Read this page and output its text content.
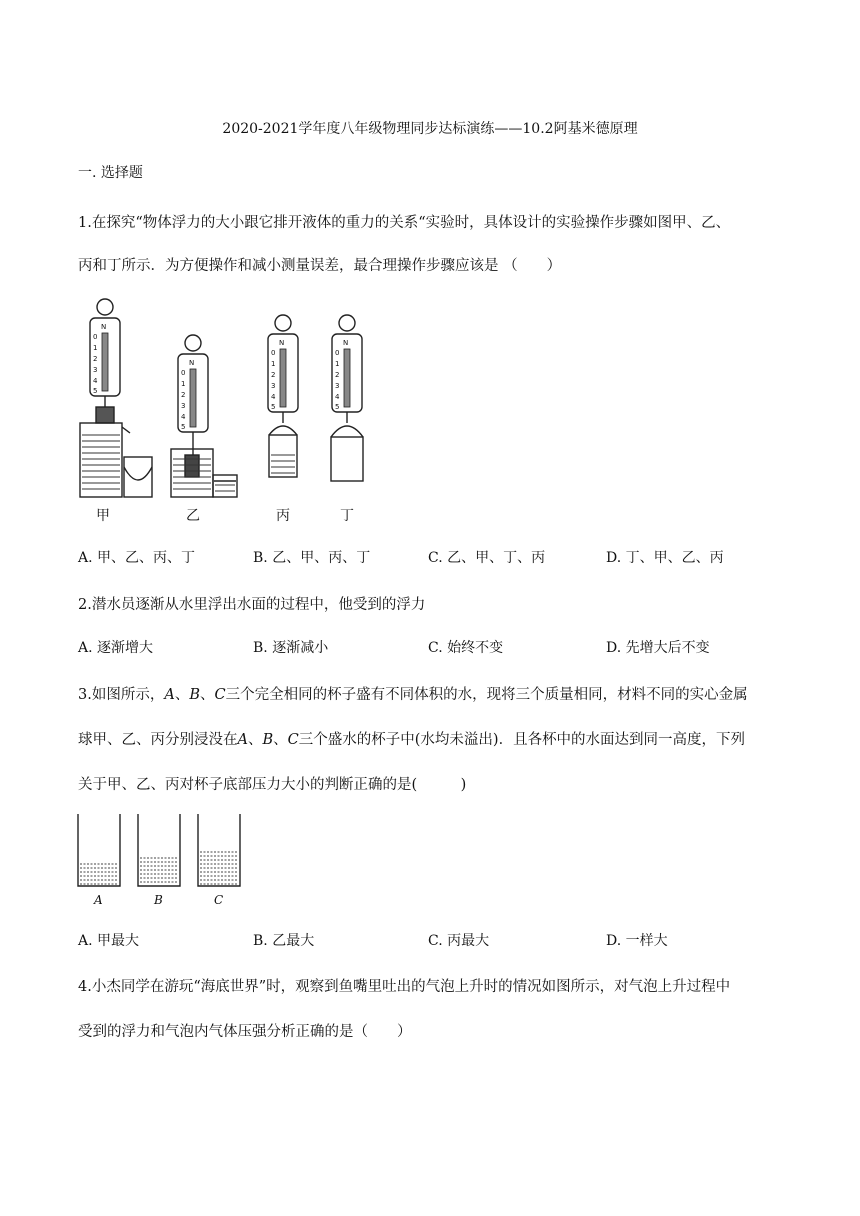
2020-2021学年度八年级物理同步达标演练——10.2阿基米德原理
一. 选择题
1.在探究“物体浮力的大小跟它排开液体的重力的关系“实验时，具体设计的实验操作步骤如图甲、乙、
丙和丁所示．为方便操作和减小测量误差，最合理操作步骤应该是 （　　）
N
N
N	N
0
1
2
3
4
5
0
1
2
3
4
5
0
1
2
3
4
5
0
1
2
3
4
5
甲	乙	丙	丁
A. 甲、乙、丙、丁	B. 乙、甲、丙、丁	C. 乙、甲、丁、丙	D. 丁、甲、乙、丙
2.潜水员逐渐从水里浮出水面的过程中，他受到的浮力
A. 逐渐增大	B. 逐渐减小	C. 始终不变	D. 先增大后不变
3.如图所示，A、B、C三个完全相同的杯子盛有不同体积的水，现将三个质量相同，材料不同的实心金属
球甲、乙、丙分别浸没在A、B、C三个盛水的杯子中(水均未溢出)．且各杯中的水面达到同一高度，下列
关于甲、乙、丙对杯子底部压力大小的判断正确的是(　　　)
A	B	C
A. 甲最大	B. 乙最大	C. 丙最大	D. 一样大
4.小杰同学在游玩“海底世界”时，观察到鱼嘴里吐出的气泡上升时的情况如图所示，对气泡上升过程中
受到的浮力和气泡内气体压强分析正确的是（　　）
